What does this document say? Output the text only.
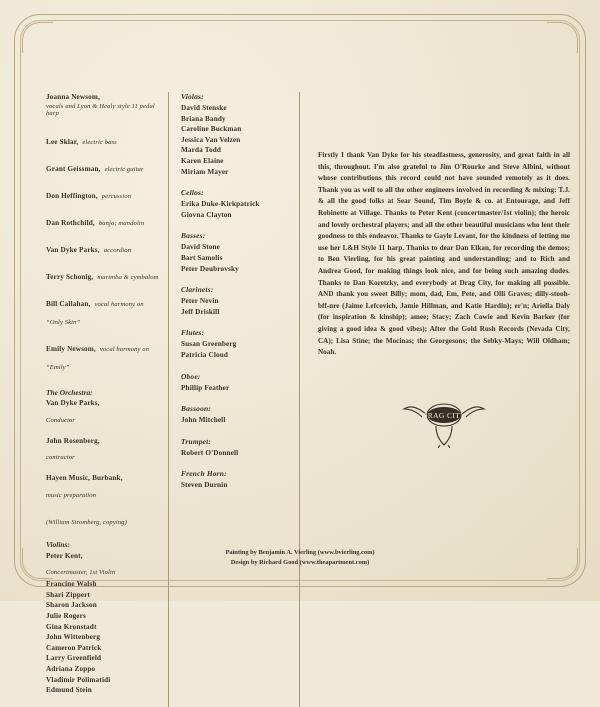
Joanna Newsom,
vocals and Lyon & Healy style 11 pedal harp
Lee Sklar, electric bass
Grant Geissman, electric guitar
Don Heffington, percussion
Dan Rothchild, banjo; mandolin
Van Dyke Parks, accordion
Terry Schonig, marimba & cymbalom
Bill Callahan, vocal harmony on “Only Skin”
Emily Newsom, vocal harmony on “Emily”
The Orchestra:
Van Dyke Parks,
Conductor
John Rosenberg,
contractor
Hayen Music, Burbank,
music preparation
(William Stromberg, copying)
Violins:
Peter Kent,
Concertmaster, 1st Violin
Francine Walsh
Shari Zippert
Sharon Jackson
Julie Rogers
Gina Kronstadt
John Wittenberg
Cameron Patrick
Larry Greenfield
Adriana Zoppo
Vladimir Polimatidi
Edmund Stein
Violas:
David Stenske
Briana Bandy
Caroline Buckman
Jessica Van Velzen
Marda Todd
Karen Elaine
Miriam Mayer
Cellos:
Erika Duke-Kirkpatrick
Giovna Clayton
Basses:
David Stone
Bart Samolis
Peter Doubrovsky
Clarinets:
Peter Nevin
Jeff Driskill
Flutes:
Susan Greenberg
Patricia Cloud
Oboe:
Phillip Feather
Bassoon:
John Mitchell
Trumpet:
Robert O'Donnell
French Horn:
Steven Durnin
Firstly I thank Van Dyke for his steadfastness, generosity, and great faith in all this, throughout. I'm also grateful to Jim O'Rourke and Steve Albini, without whose contributions this record could not have sounded remotely as it does. Thank you as well to all the other engineers involved in recording & mixing: T.J. & all the good folks at Sear Sound, Tim Boyle & co. at Entourage, and Jeff Robinette at Village. Thanks to Peter Kent (concertmaster/1st violin); the heroic and lovely orchestral players; and all the other beautiful musicians who lent their goodness to this endeavor. Thanks to Gayle Levant, for the kindness of letting me use her L&H Style 11 harp. Thanks to dear Dan Elkan, for recording the demos; to Ben Vierling, for his great painting and understanding; and to Rich and Andrea Good, for making things look nice, and for being such amazing dudes. Thanks to Dan Koretzky, and everybody at Drag City, for making all possible. AND thank you sweet Billy; mom, dad, Em, Pete, and Olli Graves; dilly-stooh-bff-nre (Jaime Lefcovich, Jamie Hillman, and Katie Hardin); er'n; Ariella Daly (for inspiration & kinship); amee; Stacy; Zach Cowie and Kevin Barker (for giving a good idea & good vibes); After the Gold Rush Records (Nevada City, CA); Lisa Stine; the Mocinas; the Georgesons; the Sebky-Mays; Will Oldham; Noah.
DRAG CITY
Painting by Benjamin A. Vierling (www.bvierling.com)
Design by Richard Good (www.theapartment.com)
